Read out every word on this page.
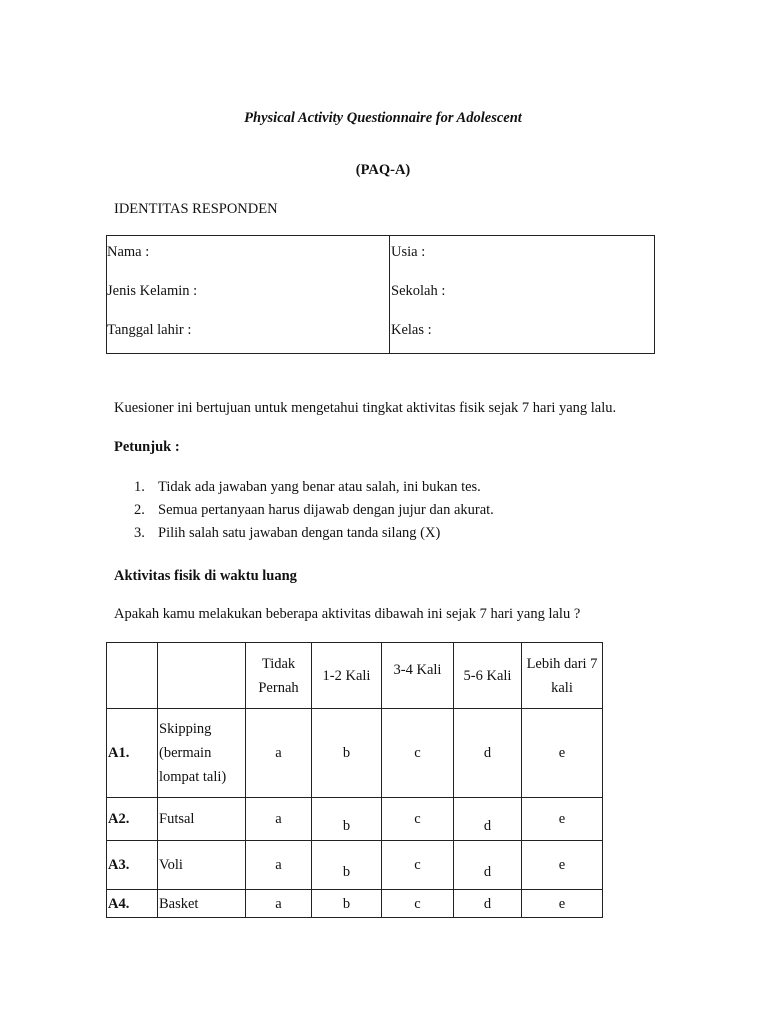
Physical Activity Questionnaire for Adolescent
(PAQ-A)
IDENTITAS RESPONDEN
Nama :
Jenis Kelamin :
Tanggal lahir :
Usia :
Sekolah :
Kelas :
Kuesioner ini bertujuan untuk mengetahui tingkat aktivitas fisik sejak 7 hari yang lalu.
Petunjuk :
1. Tidak ada jawaban yang benar atau salah, ini bukan tes.
2. Semua pertanyaan harus dijawab dengan jujur dan akurat.
3. Pilih salah satu jawaban dengan tanda silang (X)
Aktivitas fisik di waktu luang
Apakah kamu melakukan beberapa aktivitas dibawah ini sejak 7 hari yang lalu ?
		Tidak Pernah	1-2 Kali	3-4 Kali	5-6 Kali	Lebih dari 7 kali
A1.	Skipping (bermain lompat tali)	a	b	c	d	e
A2.	Futsal	a	b	c	d	e
A3.	Voli	a	b	c	d	e
A4.	Basket	a	b	c	d	e
